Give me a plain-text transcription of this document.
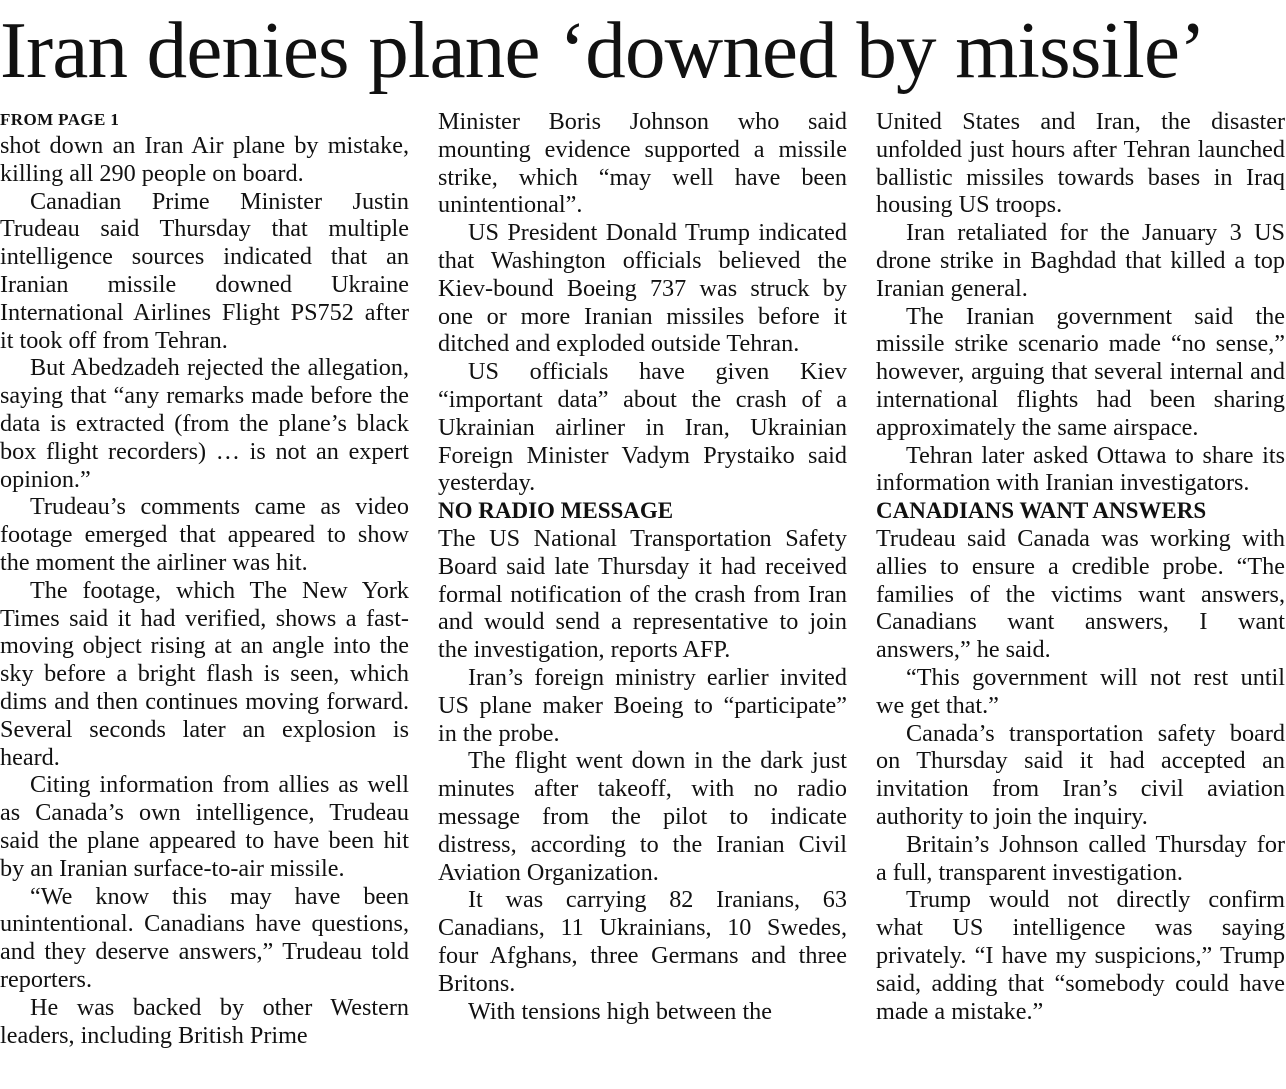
Iran denies plane ‘downed by missile’
FROM PAGE 1

shot down an Iran Air plane by mistake, killing all 290 people on board.

Canadian Prime Minister Justin Trudeau said Thursday that multiple intelligence sources indicated that an Iranian missile downed Ukraine International Airlines Flight PS752 after it took off from Tehran.

But Abedzadeh rejected the allegation, saying that “any remarks made before the data is extracted (from the plane’s black box flight recorders) … is not an expert opinion.”

Trudeau’s comments came as video footage emerged that appeared to show the moment the airliner was hit.

The footage, which The New York Times said it had verified, shows a fast-moving object rising at an angle into the sky before a bright flash is seen, which dims and then continues moving forward. Several seconds later an explosion is heard.

Citing information from allies as well as Canada’s own intelligence, Trudeau said the plane appeared to have been hit by an Iranian surface-to-air missile.

“We know this may have been unintentional. Canadians have questions, and they deserve answers,” Trudeau told reporters.

He was backed by other Western leaders, including British Prime

Minister Boris Johnson who said mounting evidence supported a missile strike, which “may well have been unintentional”.

US President Donald Trump indicated that Washington officials believed the Kiev-bound Boeing 737 was struck by one or more Iranian missiles before it ditched and exploded outside Tehran.

US officials have given Kiev “important data” about the crash of a Ukrainian airliner in Iran, Ukrainian Foreign Minister Vadym Prystaiko said yesterday.

NO RADIO MESSAGE

The US National Transportation Safety Board said late Thursday it had received formal notification of the crash from Iran and would send a representative to join the investigation, reports AFP.

Iran’s foreign ministry earlier invited US plane maker Boeing to “participate” in the probe.

The flight went down in the dark just minutes after takeoff, with no radio message from the pilot to indicate distress, according to the Iranian Civil Aviation Organization.

It was carrying 82 Iranians, 63 Canadians, 11 Ukrainians, 10 Swedes, four Afghans, three Germans and three Britons.

With tensions high between the

United States and Iran, the disaster unfolded just hours after Tehran launched ballistic missiles towards bases in Iraq housing US troops.

Iran retaliated for the January 3 US drone strike in Baghdad that killed a top Iranian general.

The Iranian government said the missile strike scenario made “no sense,” however, arguing that several internal and international flights had been sharing approximately the same airspace.

Tehran later asked Ottawa to share its information with Iranian investigators.

CANADIANS WANT ANSWERS

Trudeau said Canada was working with allies to ensure a credible probe. “The families of the victims want answers, Canadians want answers, I want answers,” he said.

“This government will not rest until we get that.”

Canada’s transportation safety board on Thursday said it had accepted an invitation from Iran’s civil aviation authority to join the inquiry.

Britain’s Johnson called Thursday for a full, transparent investigation.

Trump would not directly confirm what US intelligence was saying privately. “I have my suspicions,” Trump said, adding that “somebody could have made a mistake.”
